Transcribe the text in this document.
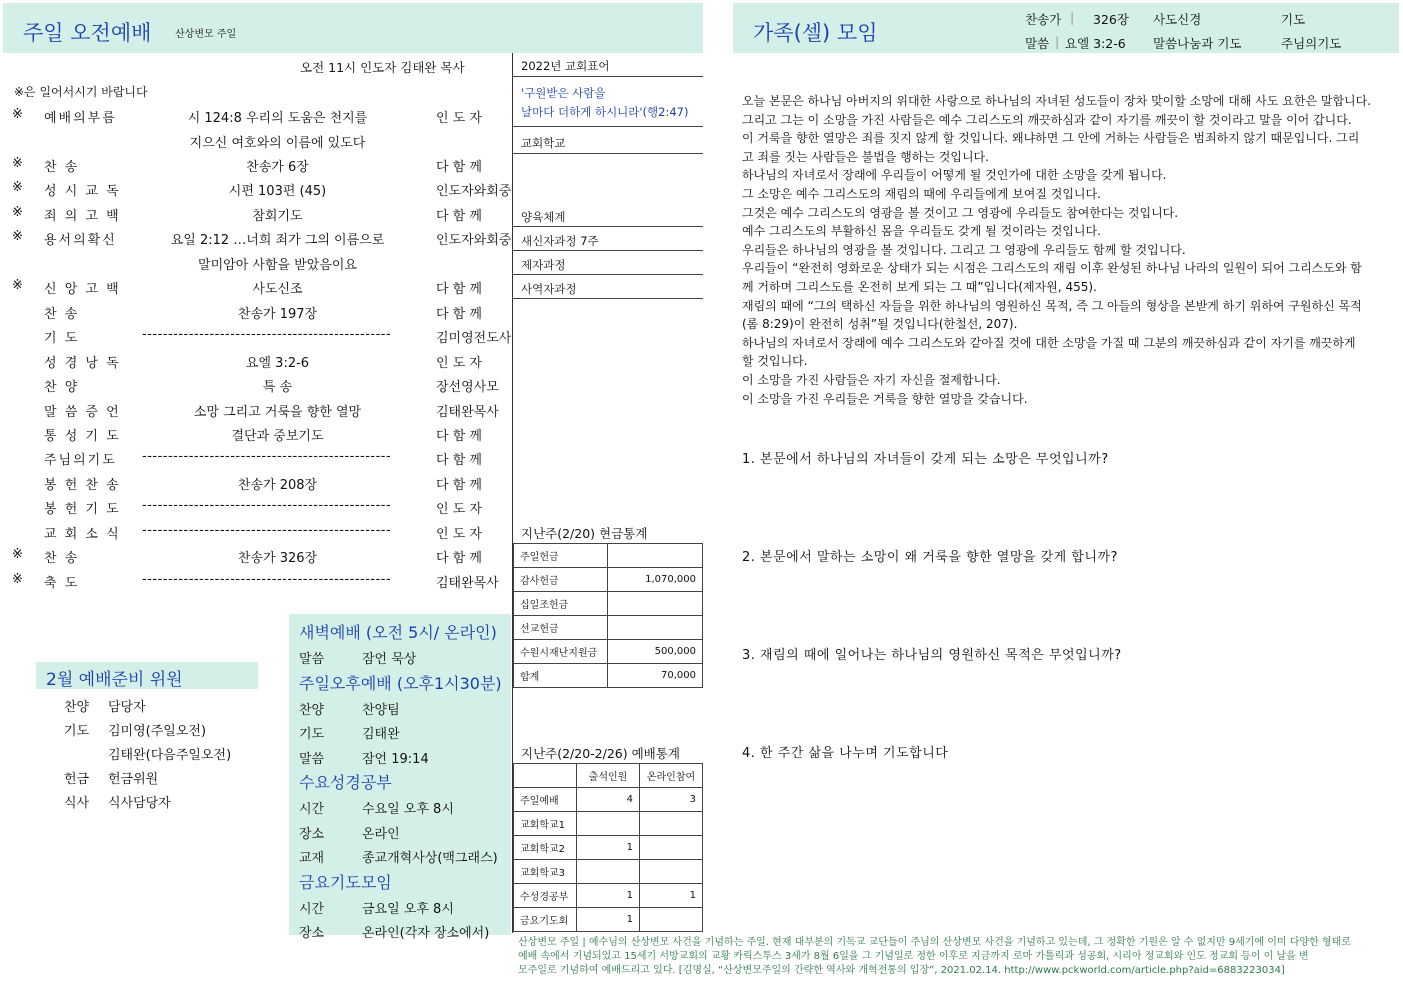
주일 오전예배 산상변모 주일	가족(셀) 모임
찬송가 | 326장 사도신경	기도
말씀 | 요엘 3:2-6 말씀나눔과 기도	주님의기도
오전 11시 인도자 김태완 목사
※은 일어서시기 바랍니다
※ 예배의부름	시 124:8 우리의 도움은 천지를	인 도 자
지으신 여호와의 이름에 있도다
※ 찬 송	찬송가 6장	다 함 께
※ 성 시 교 독	시편 103편 (45)	인도자와회중
※ 죄 의 고 백	참회기도	다 함 께
※ 용서의확신	요일 2:12 …너희 죄가 그의 이름으로	인도자와회중
말미암아 사함을 받았음이요
※ 신 앙 고 백	사도신조	다 함 께
찬 송	찬송가 197장	다 함 께
기 도	------------------------------------------------	김미영전도사
성 경 낭 독	요엘 3:2-6	인 도 자
찬 양	특 송	장선영사모
말 씀 증 언	소망 그리고 거룩을 향한 열망	김태완목사
통 성 기 도	결단과 중보기도	다 함 께
주님의기도 ------------------------------------------------	다 함 께
봉 헌 찬 송	찬송가 208장	다 함 께
봉 헌 기 도 ------------------------------------------------	인 도 자
교 회 소 식 ------------------------------------------------	인 도 자
※ 찬 송	찬송가 326장	다 함 께
※ 축 도	------------------------------------------------	김태완목사
2022년 교회표어
'구원받은 사람을
날마다 더하게 하시니라'(행2:47)
교회학교
양육체계
새신자과정 7주
제자과정
사역자과정
지난주(2/20) 현금통계
주일헌금	
감사헌금	1,070,000
십일조헌금	
선교헌금	
수원시재난지원금	500,000
합계	70,000
지난주(2/20-2/26) 예배통계
	출석인원	온라인참여
주일예배	4	3
교회학교1		
교회학교2	1	
교회학교3		
수성경공부	1	1
금요기도회	1	
2월 예배준비 위원
찬양 담당자
기도 김미영(주일오전)
김태완(다음주일오전)
헌금 헌금위원
식사 식사담당자
새벽예배 (오전 5시/ 온라인)
말씀	잠언 묵상
주일오후예배 (오후1시30분)
찬양	찬양팀
기도	김태완
말씀	잠언 19:14
수요성경공부
시간	수요일 오후 8시
장소	온라인
교재	종교개혁사상(맥그래스)
금요기도모임
시간	금요일 오후 8시
장소	온라인(각자 장소에서)
오늘 본문은 하나님 아버지의 위대한 사랑으로 하나님의 자녀된 성도들이 장차 맞이할 소망에 대해 사도 요한은 말합니다.
그리고 그는 이 소망을 가진 사람들은 예수 그리스도의 깨끗하심과 같이 자기를 깨끗이 할 것이라고 말을 이어 갑니다.
이 거룩을 향한 열망은 죄를 짓지 않게 할 것입니다. 왜냐하면 그 안에 거하는 사람들은 범죄하지 않기 때문입니다. 그리
고 죄를 짓는 사람들은 불법을 행하는 것입니다.
하나님의 자녀로서 장래에 우리들이 어떻게 될 것인가에 대한 소망을 갖게 됩니다.
그 소망은 예수 그리스도의 재림의 때에 우리들에게 보여질 것입니다.
그것은 예수 그리스도의 영광을 볼 것이고 그 영광에 우리들도 참여한다는 것입니다.
예수 그리스도의 부활하신 몸을 우리들도 갖게 될 것이라는 것입니다.
우리들은 하나님의 영광을 볼 것입니다. 그리고 그 영광에 우리들도 함께 할 것입니다.
우리들이 “완전히 영화로운 상태가 되는 시점은 그리스도의 재림 이후 완성된 하나님 나라의 일원이 되어 그리스도와 함
께 거하며 그리스도를 온전히 보게 되는 그 때”입니다(제자원, 455).
재림의 때에 “그의 택하신 자들을 위한 하나님의 영원하신 목적, 즉 그 아들의 형상을 본받게 하기 위하여 구원하신 목적
(롬 8:29)이 완전히 성취”될 것입니다(한철선, 207).
하나님의 자녀로서 장래에 예수 그리스도와 같아질 것에 대한 소망을 가질 때 그분의 깨끗하심과 같이 자기를 깨끗하게
할 것입니다.
이 소망을 가진 사람들은 자기 자신을 절제합니다.
이 소망을 가진 우리들은 거룩을 향한 열망을 갖습니다.
1. 본문에서 하나님의 자녀들이 갖게 되는 소망은 무엇입니까?
2. 본문에서 말하는 소망이 왜 거룩을 향한 열망을 갖게 합니까?
3. 재림의 때에 일어나는 하나님의 영원하신 목적은 무엇입니까?
4. 한 주간 삶을 나누며 기도합니다
산상변모 주일 | 예수님의 산상변모 사건을 기념하는 주일. 현재 대부분의 기독교 교단들이 주님의 산상변모 사건을 기념하고 있는데, 그 정확한 기원은 알 수 없지만 9세기에 이미 다양한 형태로
예배 속에서 기념되었고 15세기 서방교회의 교황 카릭스투스 3세가 8월 6일을 그 기념일로 정한 이후로 지금까지 로마 가톨릭과 성공회, 시리아 정교회와 인도 정교회 등이 이 날을 변
모주일로 기념하여 예배드리고 있다. [김명실, “산상변모주일의 간략한 역사와 개혁전통의 입장”, 2021.02.14. http://www.pckworld.com/article.php?aid=6883223034]
